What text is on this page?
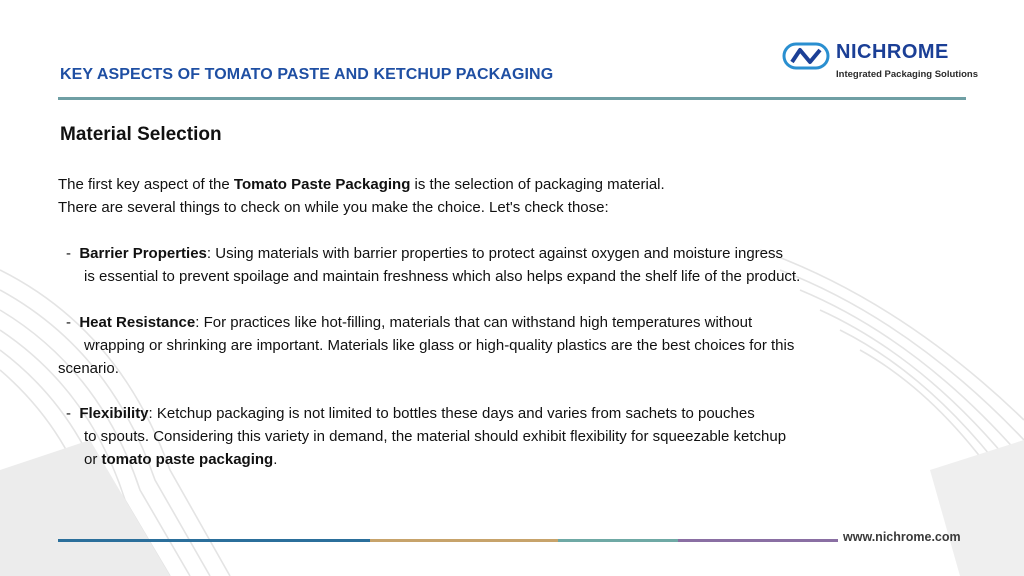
KEY ASPECTS OF TOMATO PASTE AND KETCHUP PACKAGING
NICHROME
Integrated Packaging Solutions
Material Selection
The first key aspect of the Tomato Paste Packaging is the selection of packaging material.
There are several things to check on while you make the choice. Let's check those:
- Barrier Properties: Using materials with barrier properties to protect against oxygen and moisture ingress
is essential to prevent spoilage and maintain freshness which also helps expand the shelf life of the product.
- Heat Resistance: For practices like hot-filling, materials that can withstand high temperatures without
wrapping or shrinking are important. Materials like glass or high-quality plastics are the best choices for this
scenario.
- Flexibility: Ketchup packaging is not limited to bottles these days and varies from sachets to pouches
to spouts. Considering this variety in demand, the material should exhibit flexibility for squeezable ketchup
or tomato paste packaging.
www.nichrome.com
